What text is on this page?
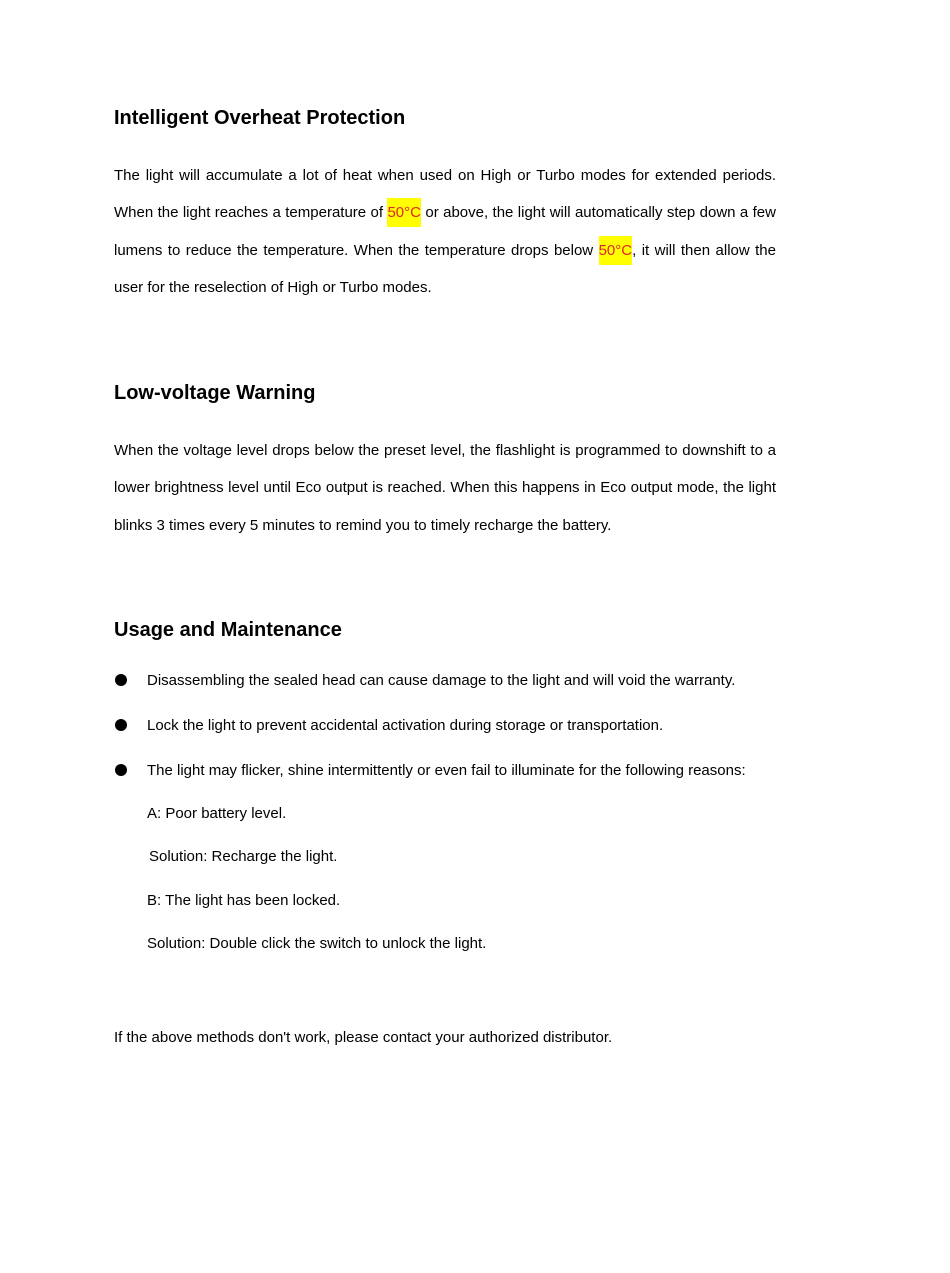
Intelligent Overheat Protection

The light will accumulate a lot of heat when used on High or Turbo modes for extended periods. When the light reaches a temperature of 50°C or above, the light will automatically step down a few lumens to reduce the temperature. When the temperature drops below 50°C, it will then allow the user for the reselection of High or Turbo modes.

Low-voltage Warning

When the voltage level drops below the preset level, the flashlight is programmed to downshift to a lower brightness level until Eco output is reached. When this happens in Eco output mode, the light blinks 3 times every 5 minutes to remind you to timely recharge the battery.

Usage and Maintenance
Disassembling the sealed head can cause damage to the light and will void the warranty.
Lock the light to prevent accidental activation during storage or transportation.
The light may flicker, shine intermittently or even fail to illuminate for the following reasons:
A: Poor battery level.
Solution: Recharge the light.
B: The light has been locked.
Solution: Double click the switch to unlock the light.
If the above methods don't work, please contact your authorized distributor.
